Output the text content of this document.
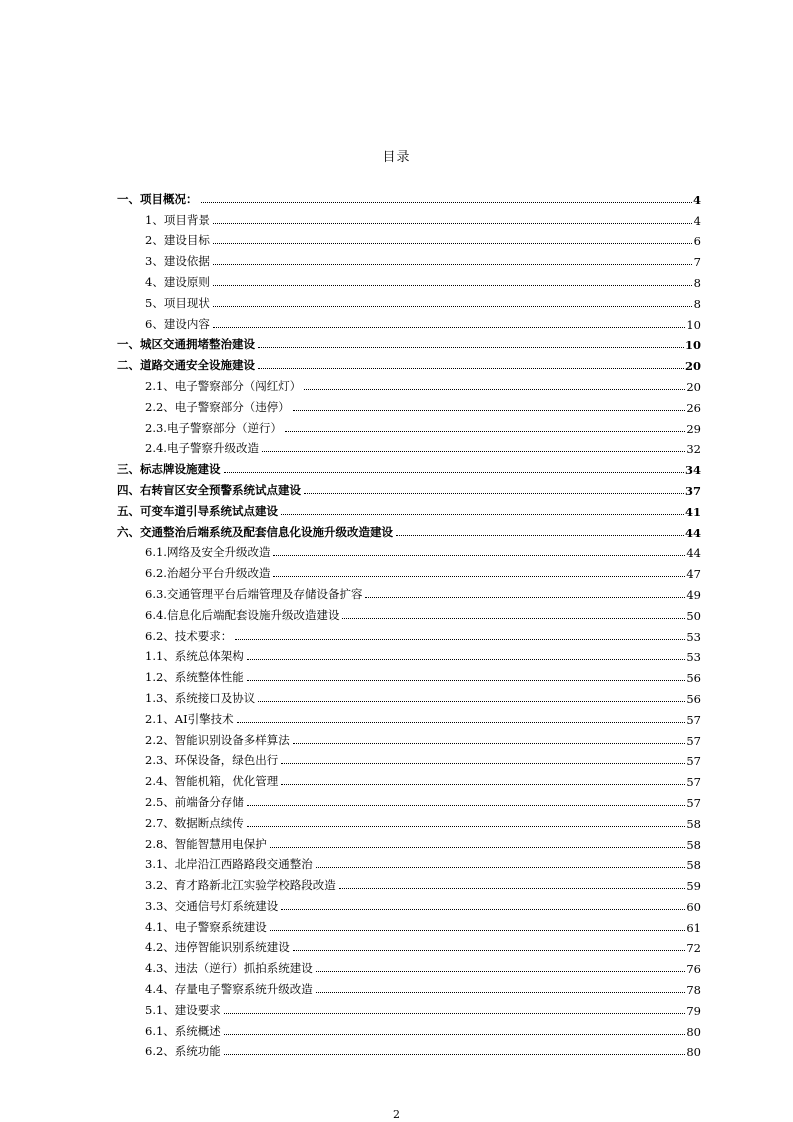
目录
一、项目概况：	4
1、项目背景	4
2、建设目标	6
3、建设依据	7
4、建设原则	8
5、项目现状	8
6、建设内容	10
一、城区交通拥堵整治建设	10
二、道路交通安全设施建设	20
2.1、电子警察部分（闯红灯）	20
2.2、电子警察部分（违停）	26
2.3.电子警察部分（逆行）	29
2.4.电子警察升级改造	32
三、标志牌设施建设	34
四、右转盲区安全预警系统试点建设	37
五、可变车道引导系统试点建设	41
六、交通整治后端系统及配套信息化设施升级改造建设	44
6.1.网络及安全升级改造	44
6.2.治超分平台升级改造	47
6.3.交通管理平台后端管理及存储设备扩容	49
6.4.信息化后端配套设施升级改造建设	50
6.2、技术要求：	53
1.1、系统总体架构	53
1.2、系统整体性能	56
1.3、系统接口及协议	56
2.1、AI引擎技术	57
2.2、智能识别设备多样算法	57
2.3、环保设备，绿色出行	57
2.4、智能机箱，优化管理	57
2.5、前端备分存储	57
2.7、数据断点续传	58
2.8、智能智慧用电保护	58
3.1、北岸沿江西路路段交通整治	58
3.2、育才路新北江实验学校路段改造	59
3.3、交通信号灯系统建设	60
4.1、电子警察系统建设	61
4.2、违停智能识别系统建设	72
4.3、违法（逆行）抓拍系统建设	76
4.4、存量电子警察系统升级改造	78
5.1、建设要求	79
6.1、系统概述	80
6.2、系统功能	80
2
